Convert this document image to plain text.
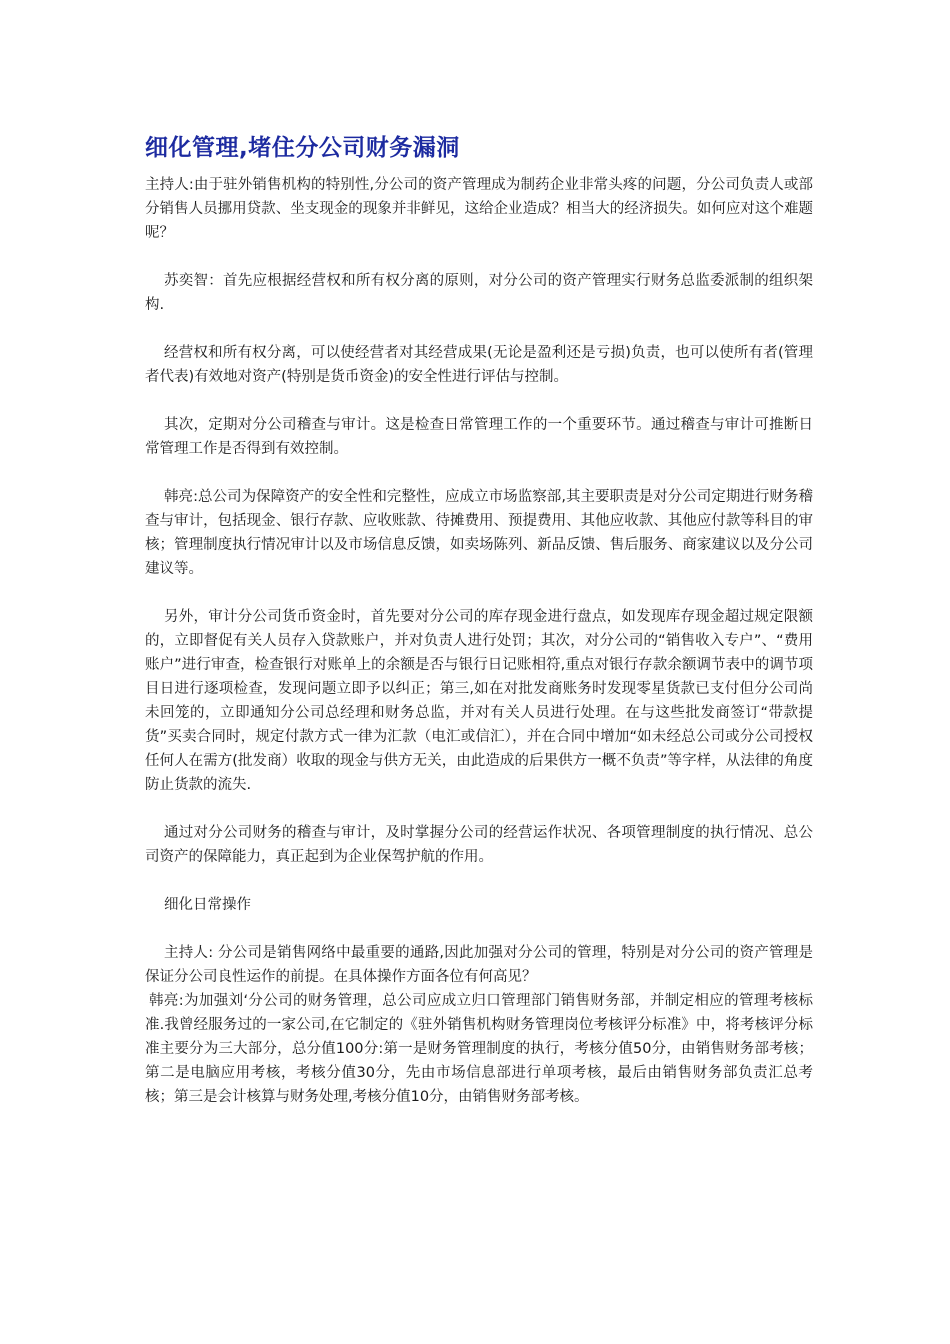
细化管理,堵住分公司财务漏洞

主持人:由于驻外销售机构的特别性,分公司的资产管理成为制药企业非常头疼的问题，分公司负责人或部分销售人员挪用贷款、坐支现金的现象并非鲜见，这给企业造成？相当大的经济损失。如何应对这个难题呢？

苏奕智：首先应根据经营权和所有权分离的原则，对分公司的资产管理实行财务总监委派制的组织架构.

经营权和所有权分离，可以使经营者对其经营成果(无论是盈利还是亏损)负责，也可以使所有者(管理者代表)有效地对资产(特别是货币资金)的安全性进行评估与控制。

其次，定期对分公司稽查与审计。这是检查日常管理工作的一个重要环节。通过稽查与审计可推断日常管理工作是否得到有效控制。

韩亮:总公司为保障资产的安全性和完整性，应成立市场监察部,其主要职责是对分公司定期进行财务稽查与审计，包括现金、银行存款、应收账款、待摊费用、预提费用、其他应收款、其他应付款等科目的审核；管理制度执行情况审计以及市场信息反馈，如卖场陈列、新品反馈、售后服务、商家建议以及分公司建议等。

另外，审计分公司货币资金时，首先要对分公司的库存现金进行盘点，如发现库存现金超过规定限额的，立即督促有关人员存入贷款账户，并对负责人进行处罚；其次，对分公司的“销售收入专户”、“费用账户”进行审查，检查银行对账单上的余额是否与银行日记账相符,重点对银行存款余额调节表中的调节项目日进行逐项检查，发现问题立即予以纠正；第三,如在对批发商账务时发现零星货款已支付但分公司尚未回笼的，立即通知分公司总经理和财务总监，并对有关人员进行处理。在与这些批发商签订“带款提货”买卖合同时，规定付款方式一律为汇款（电汇或信汇），并在合同中增加“如未经总公司或分公司授权任何人在需方(批发商）收取的现金与供方无关，由此造成的后果供方一概不负责”等字样，从法律的角度防止货款的流失.

通过对分公司财务的稽查与审计，及时掌握分公司的经营运作状况、各项管理制度的执行情况、总公司资产的保障能力，真正起到为企业保驾护航的作用。

细化日常操作

主持人: 分公司是销售网络中最重要的通路,因此加强对分公司的管理，特别是对分公司的资产管理是保证分公司良性运作的前提。在具体操作方面各位有何高见？

韩亮:为加强刘‘分公司的财务管理，总公司应成立归口管理部门销售财务部，并制定相应的管理考核标准.我曾经服务过的一家公司,在它制定的《驻外销售机构财务管理岗位考核评分标准》中，将考核评分标准主要分为三大部分，总分值100分:第一是财务管理制度的执行，考核分值50分，由销售财务部考核；第二是电脑应用考核，考核分值30分，先由市场信息部进行单项考核，最后由销售财务部负责汇总考核；第三是会计核算与财务处理,考核分值10分，由销售财务部考核。
